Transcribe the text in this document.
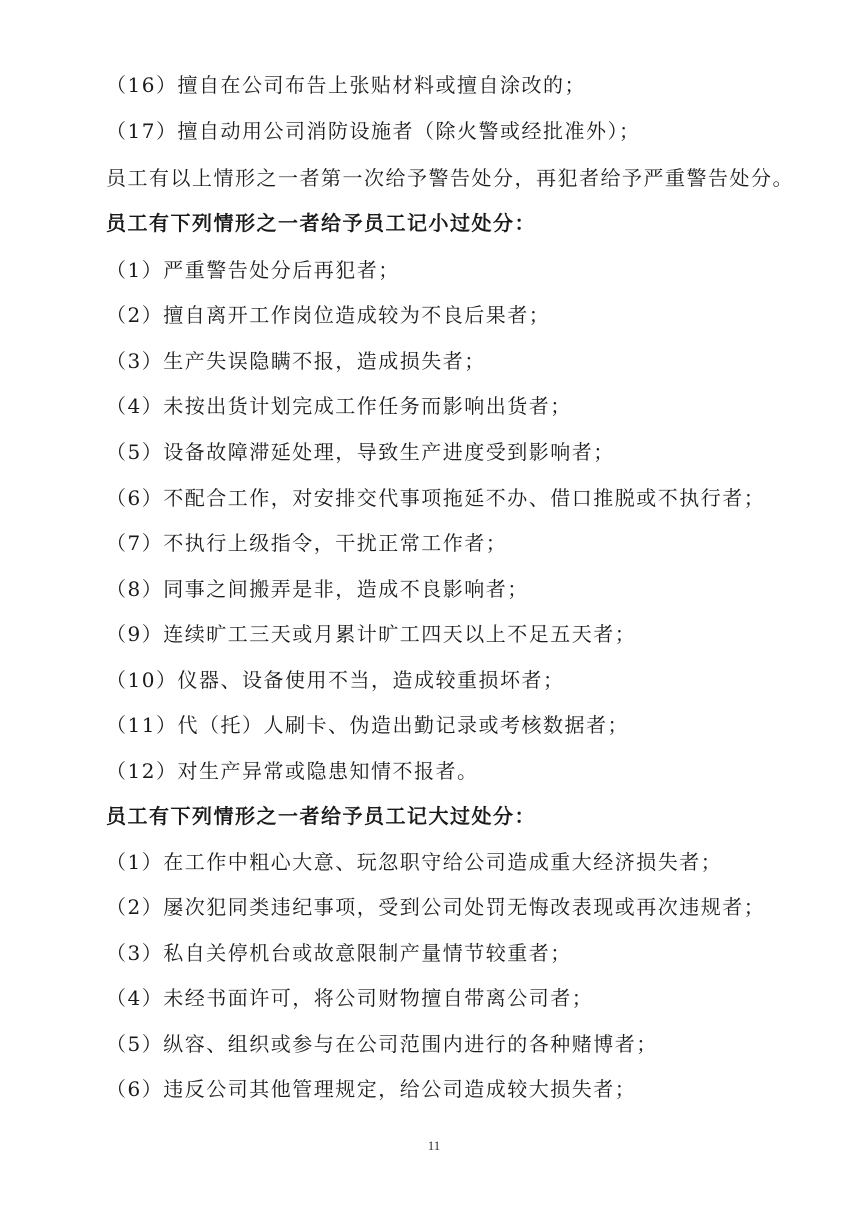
（16）擅自在公司布告上张贴材料或擅自涂改的；
（17）擅自动用公司消防设施者（除火警或经批准外）；
员工有以上情形之一者第一次给予警告处分，再犯者给予严重警告处分。
员工有下列情形之一者给予员工记小过处分：
（1）严重警告处分后再犯者；
（2）擅自离开工作岗位造成较为不良后果者；
（3）生产失误隐瞒不报，造成损失者；
（4）未按出货计划完成工作任务而影响出货者；
（5）设备故障滞延处理，导致生产进度受到影响者；
（6）不配合工作，对安排交代事项拖延不办、借口推脱或不执行者；
（7）不执行上级指令，干扰正常工作者；
（8）同事之间搬弄是非，造成不良影响者；
（9）连续旷工三天或月累计旷工四天以上不足五天者；
（10）仪器、设备使用不当，造成较重损坏者；
（11）代（托）人刷卡、伪造出勤记录或考核数据者；
（12）对生产异常或隐患知情不报者。
员工有下列情形之一者给予员工记大过处分：
（1）在工作中粗心大意、玩忽职守给公司造成重大经济损失者；
（2）屡次犯同类违纪事项，受到公司处罚无悔改表现或再次违规者；
（3）私自关停机台或故意限制产量情节较重者；
（4）未经书面许可，将公司财物擅自带离公司者；
（5）纵容、组织或参与在公司范围内进行的各种赌博者；
（6）违反公司其他管理规定，给公司造成较大损失者；
11
